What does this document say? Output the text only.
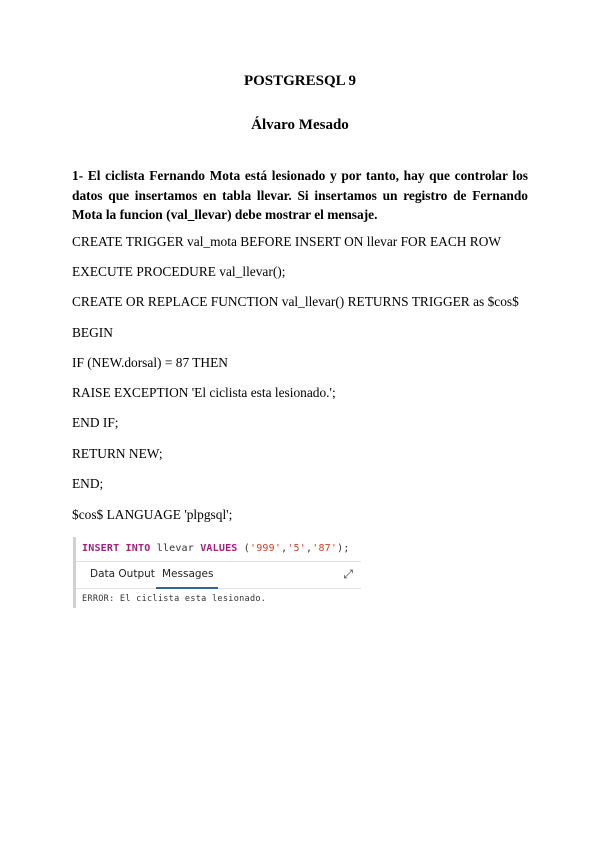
POSTGRESQL 9
Álvaro Mesado
1- El ciclista Fernando Mota está lesionado y por tanto, hay que controlar los datos que insertamos en tabla llevar. Si insertamos un registro de Fernando Mota la funcion (val_llevar) debe mostrar el mensaje.
CREATE TRIGGER val_mota BEFORE INSERT ON llevar FOR EACH ROW
EXECUTE PROCEDURE val_llevar();
CREATE OR REPLACE FUNCTION val_llevar() RETURNS TRIGGER as $cos$
BEGIN
IF (NEW.dorsal) = 87 THEN
RAISE EXCEPTION 'El ciclista esta lesionado.';
END IF;
RETURN NEW;
END;
$cos$ LANGUAGE 'plpgsql';
INSERT INTO llevar VALUES ('999','5','87');
Data Output Messages	⤢
ERROR: El ciclista esta lesionado.
